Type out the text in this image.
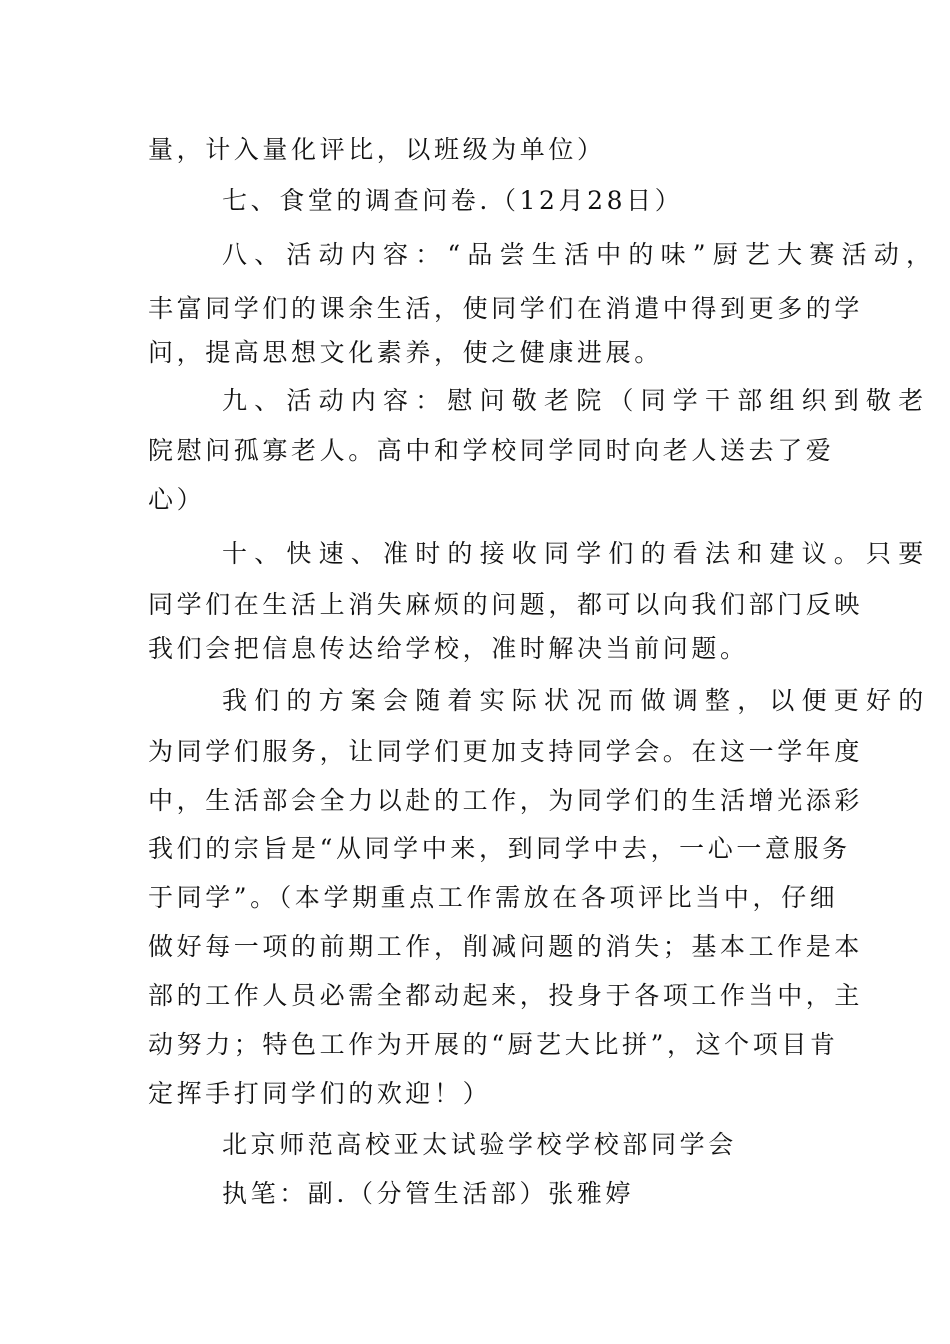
量，计入量化评比，以班级为单位）
七、食堂的调查问卷.（12月28日）
八、活动内容：“品尝生活中的味”厨艺大赛活动，
丰富同学们的课余生活，使同学们在消遣中得到更多的学
问，提高思想文化素养，使之健康进展。
九、活动内容：慰问敬老院（同学干部组织到敬老
院慰问孤寡老人。高中和学校同学同时向老人送去了爱
心）
十、快速、准时的接收同学们的看法和建议。只要
同学们在生活上消失麻烦的问题，都可以向我们部门反映
我们会把信息传达给学校，准时解决当前问题。
我们的方案会随着实际状况而做调整，以便更好的
为同学们服务，让同学们更加支持同学会。在这一学年度
中，生活部会全力以赴的工作，为同学们的生活增光添彩
我们的宗旨是“从同学中来，到同学中去，一心一意服务
于同学”。（本学期重点工作需放在各项评比当中，仔细
做好每一项的前期工作，削减问题的消失；基本工作是本
部的工作人员必需全都动起来，投身于各项工作当中，主
动努力；特色工作为开展的“厨艺大比拼”，这个项目肯
定挥手打同学们的欢迎！）
北京师范高校亚太试验学校学校部同学会
执笔：副.（分管生活部）张雅婷
